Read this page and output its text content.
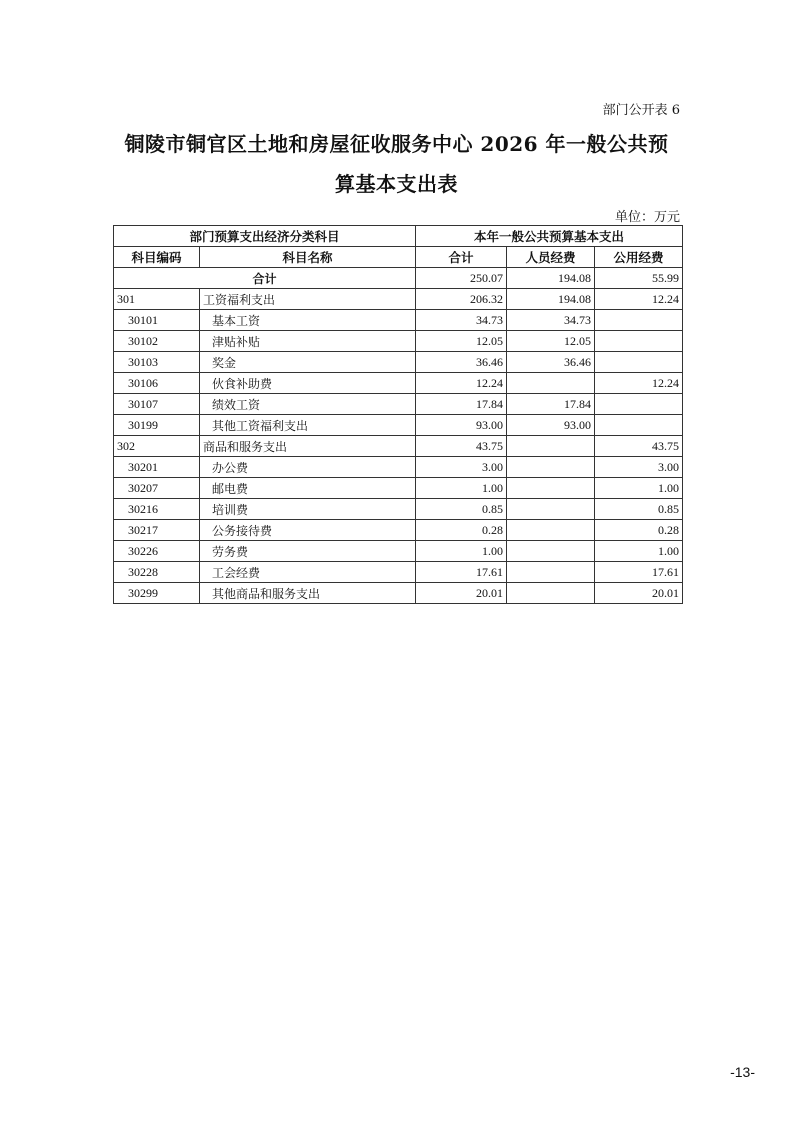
部门公开表 6
铜陵市铜官区土地和房屋征收服务中心 2026 年一般公共预
算基本支出表
单位：万元
部门预算支出经济分类科目		本年一般公共预算基本支出		
科目编码	科目名称	合计	人员经费	公用经费
合计		250.07	194.08	55.99
301	工资福利支出	206.32	194.08	12.24
30101	基本工资	34.73	34.73	
30102	津贴补贴	12.05	12.05	
30103	奖金	36.46	36.46	
30106	伙食补助费	12.24		12.24
30107	绩效工资	17.84	17.84	
30199	其他工资福利支出	93.00	93.00	
302	商品和服务支出	43.75		43.75
30201	办公费	3.00		3.00
30207	邮电费	1.00		1.00
30216	培训费	0.85		0.85
30217	公务接待费	0.28		0.28
30226	劳务费	1.00		1.00
30228	工会经费	17.61		17.61
30299	其他商品和服务支出	20.01		20.01
-13-
